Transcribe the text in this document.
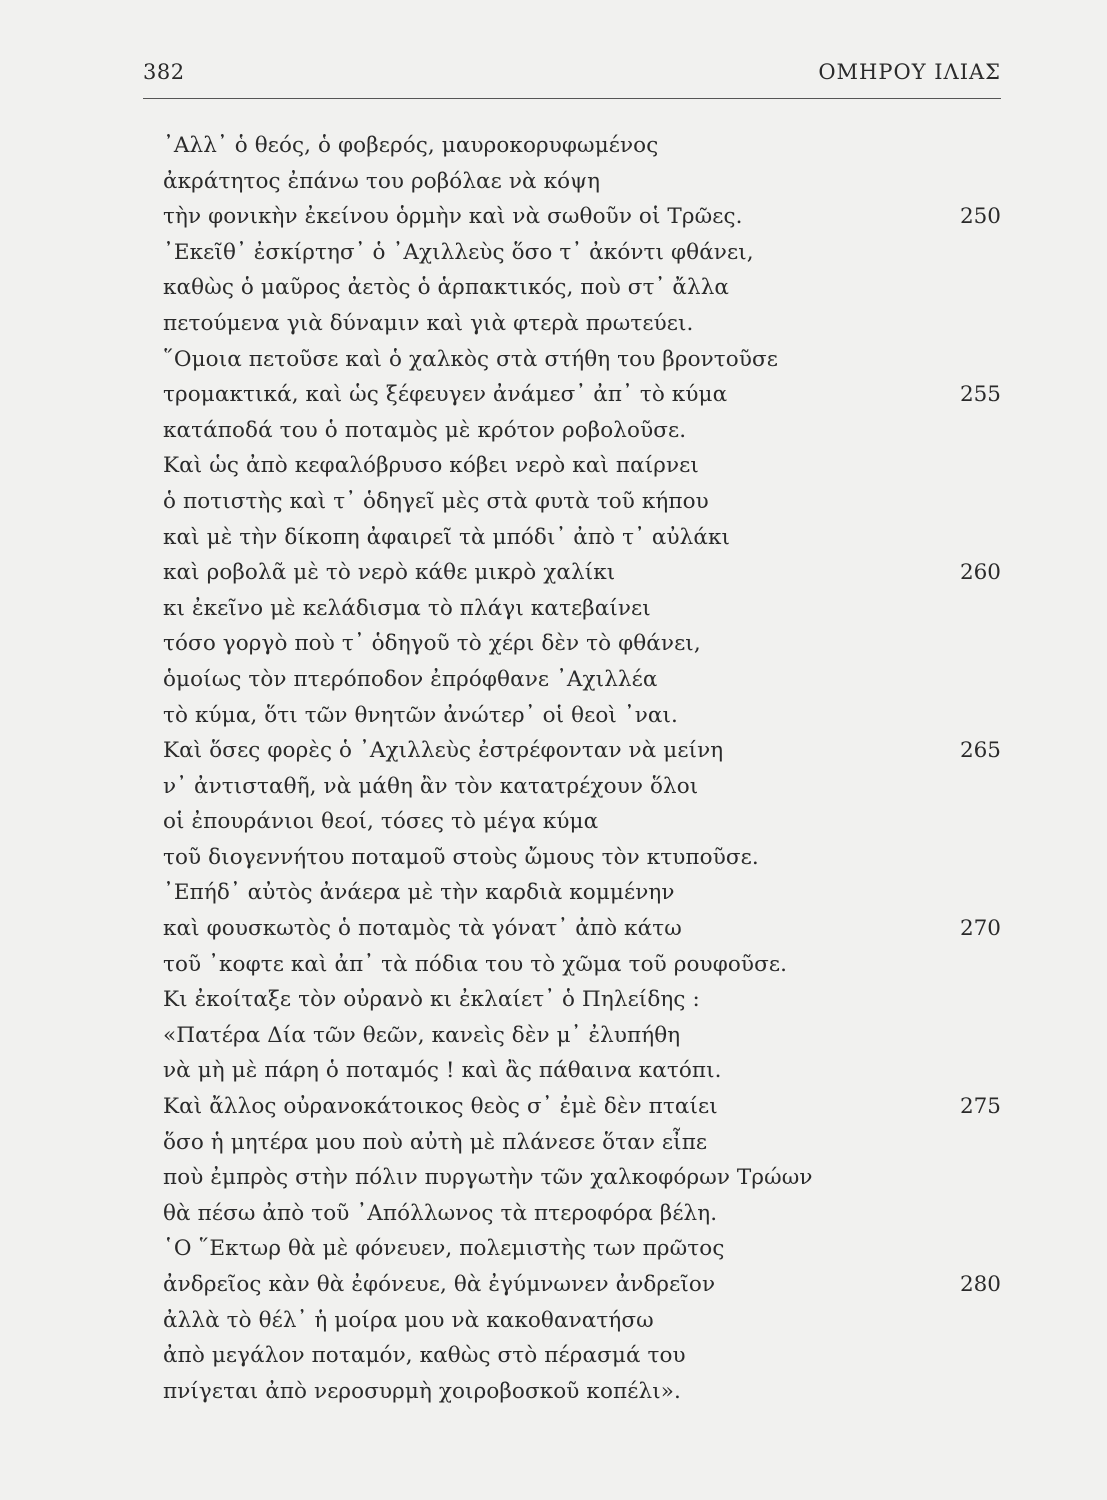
382	ΟΜΗΡΟΥ ΙΛΙΑΣ
᾿Αλλ᾿ ὁ θεός, ὁ φοβερός, μαυροκορυφωμένος
ἀκράτητος ἐπάνω του ροβόλαε νὰ κόψη
τὴν φονικὴν ἐκείνου ὁρμὴν καὶ νὰ σωθοῦν οἱ Τρῶες.	250
᾿Εκεῖθ᾿ ἐσκίρτησ᾿ ὁ ᾿Αχιλλεὺς ὅσο τ᾿ ἀκόντι φθάνει,
καθὼς ὁ μαῦρος ἀετὸς ὁ ἁρπακτικός, ποὺ στ᾿ ἄλλα
πετούμενα γιὰ δύναμιν καὶ γιὰ φτερὰ πρωτεύει.
῞Ομοια πετοῦσε καὶ ὁ χαλκὸς στὰ στήθη του βροντοῦσε
τρομακτικά, καὶ ὡς ξέφευγεν ἀνάμεσ᾿ ἀπ᾿ τὸ κύμα	255
κατάποδά του ὁ ποταμὸς μὲ κρότον ροβολοῦσε.
Καὶ ὡς ἀπὸ κεφαλόβρυσο κόβει νερὸ καὶ παίρνει
ὁ ποτιστὴς καὶ τ᾿ ὁδηγεῖ μὲς στὰ φυτὰ τοῦ κήπου
καὶ μὲ τὴν δίκοπη ἀφαιρεῖ τὰ μπόδι᾿ ἀπὸ τ᾿ αὐλάκι
καὶ ροβολᾶ μὲ τὸ νερὸ κάθε μικρὸ χαλίκι	260
κι ἐκεῖνο μὲ κελάδισμα τὸ πλάγι κατεβαίνει
τόσο γοργὸ ποὺ τ᾿ ὁδηγοῦ τὸ χέρι δὲν τὸ φθάνει,
ὁμοίως τὸν πτερόποδον ἐπρόφθανε ᾿Αχιλλέα
τὸ κύμα, ὅτι τῶν θνητῶν ἀνώτερ᾿ οἱ θεοὶ ᾿ναι.
Καὶ ὅσες φορὲς ὁ ᾿Αχιλλεὺς ἐστρέφονταν νὰ μείνη	265
ν᾿ ἀντισταθῆ, νὰ μάθη ἂν τὸν κατατρέχουν ὅλοι
οἱ ἐπουράνιοι θεοί, τόσες τὸ μέγα κύμα
τοῦ διογεννήτου ποταμοῦ στοὺς ὤμους τὸν κτυποῦσε.
᾿Επήδ᾿ αὐτὸς ἀνάερα μὲ τὴν καρδιὰ κομμένην
καὶ φουσκωτὸς ὁ ποταμὸς τὰ γόνατ᾿ ἀπὸ κάτω	270
τοῦ ᾿κοφτε καὶ ἀπ᾿ τὰ πόδια του τὸ χῶμα τοῦ ρουφοῦσε.
Κι ἐκοίταξε τὸν οὐρανὸ κι ἐκλαίετ᾿ ὁ Πηλείδης :
«Πατέρα Δία τῶν θεῶν, κανεὶς δὲν μ᾿ ἐλυπήθη
νὰ μὴ μὲ πάρη ὁ ποταμός ! καὶ ἂς πάθαινα κατόπι.
Καὶ ἄλλος οὐρανοκάτοικος θεὸς σ᾿ ἐμὲ δὲν πταίει	275
ὅσο ἡ μητέρα μου ποὺ αὐτὴ μὲ πλάνεσε ὅταν εἶπε
ποὺ ἐμπρὸς στὴν πόλιν πυργωτὴν τῶν χαλκοφόρων Τρώων
θὰ πέσω ἀπὸ τοῦ ᾿Απόλλωνος τὰ πτεροφόρα βέλη.
῾Ο ῞Εκτωρ θὰ μὲ φόνευεν, πολεμιστὴς των πρῶτος
ἀνδρεῖος κὰν θὰ ἐφόνευε, θὰ ἐγύμνωνεν ἀνδρεῖον	280
ἀλλὰ τὸ θέλ᾿ ἡ μοίρα μου νὰ κακοθανατήσω
ἀπὸ μεγάλον ποταμόν, καθὼς στὸ πέρασμά του
πνίγεται ἀπὸ νεροσυρμὴ χοιροβοσκοῦ κοπέλι».
